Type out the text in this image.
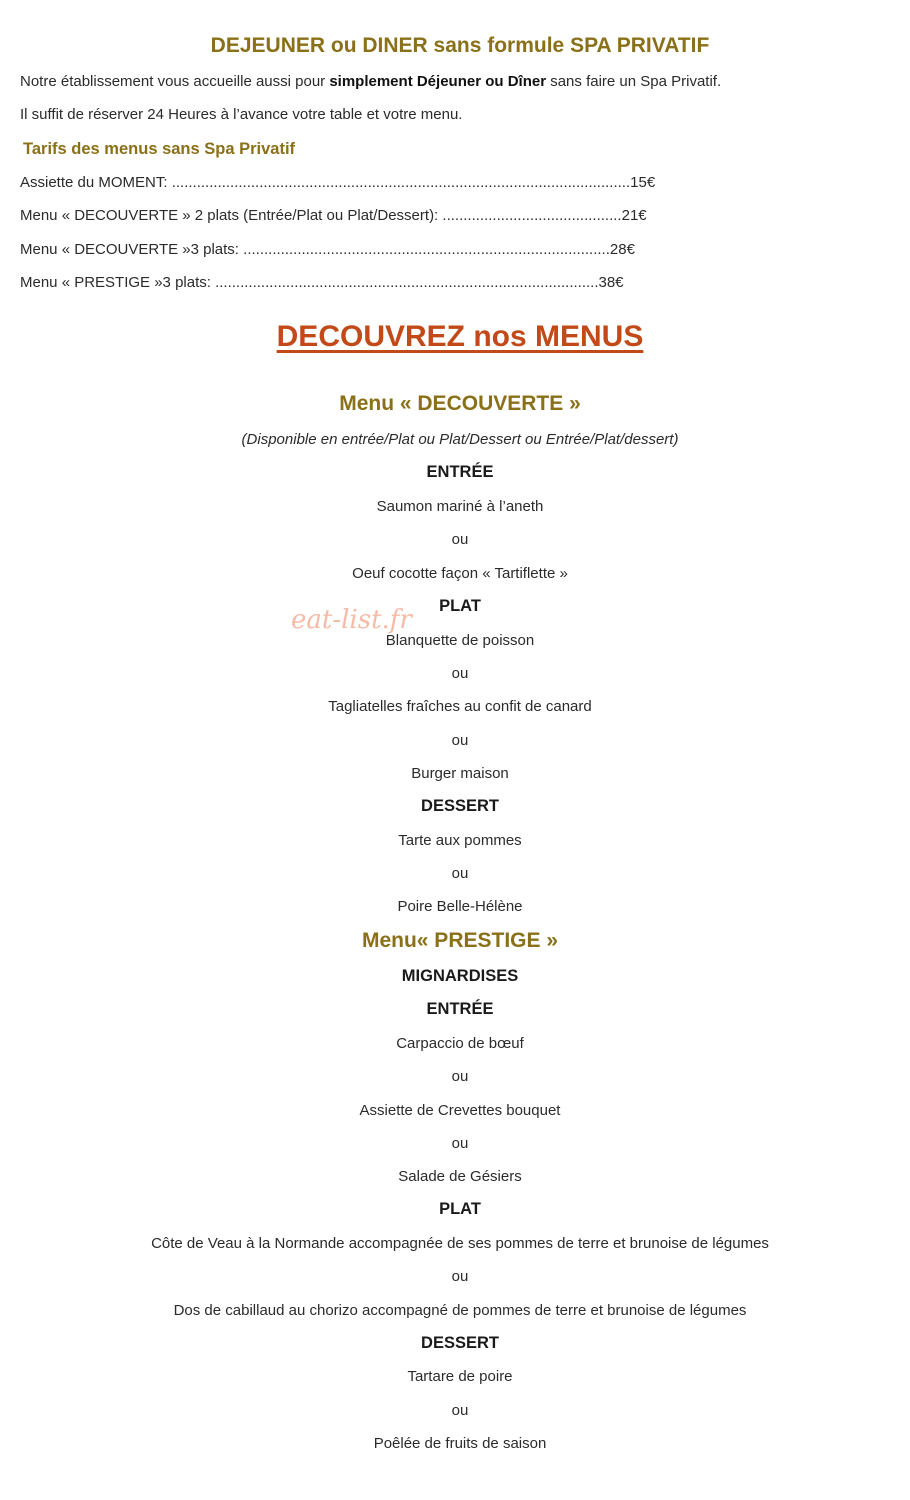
DEJEUNER ou DINER sans formule SPA PRIVATIF
Notre établissement vous accueille aussi pour simplement Déjeuner ou Dîner sans faire un Spa Privatif.
Il suffit de réserver 24 Heures à l’avance votre table et votre menu.
Tarifs des menus sans Spa Privatif
Assiette du MOMENT: ..............................................................................................................15€
Menu « DECOUVERTE » 2 plats (Entrée/Plat ou Plat/Dessert): ...........................................21€
Menu « DECOUVERTE »3 plats: ........................................................................................28€
Menu « PRESTIGE »3 plats: ............................................................................................38€
DECOUVREZ nos MENUS
Menu « DECOUVERTE »
(Disponible en entrée/Plat ou Plat/Dessert ou Entrée/Plat/dessert)
ENTRÉE
Saumon mariné à l’aneth
ou
Oeuf cocotte façon « Tartiflette »
PLAT
Blanquette de poisson
ou
Tagliatelles fraîches au confit de canard
ou
Burger maison
DESSERT
Tarte aux pommes
ou
Poire Belle-Hélène
Menu« PRESTIGE »
MIGNARDISES
ENTRÉE
Carpaccio de bœuf
ou
Assiette de Crevettes bouquet
ou
Salade de Gésiers
PLAT
Côte de Veau à la Normande accompagnée de ses pommes de terre et brunoise de légumes
ou
Dos de cabillaud au chorizo accompagné de pommes de terre et brunoise de légumes
DESSERT
Tartare de poire
ou
Poêlée de fruits de saison
eat-list.fr
